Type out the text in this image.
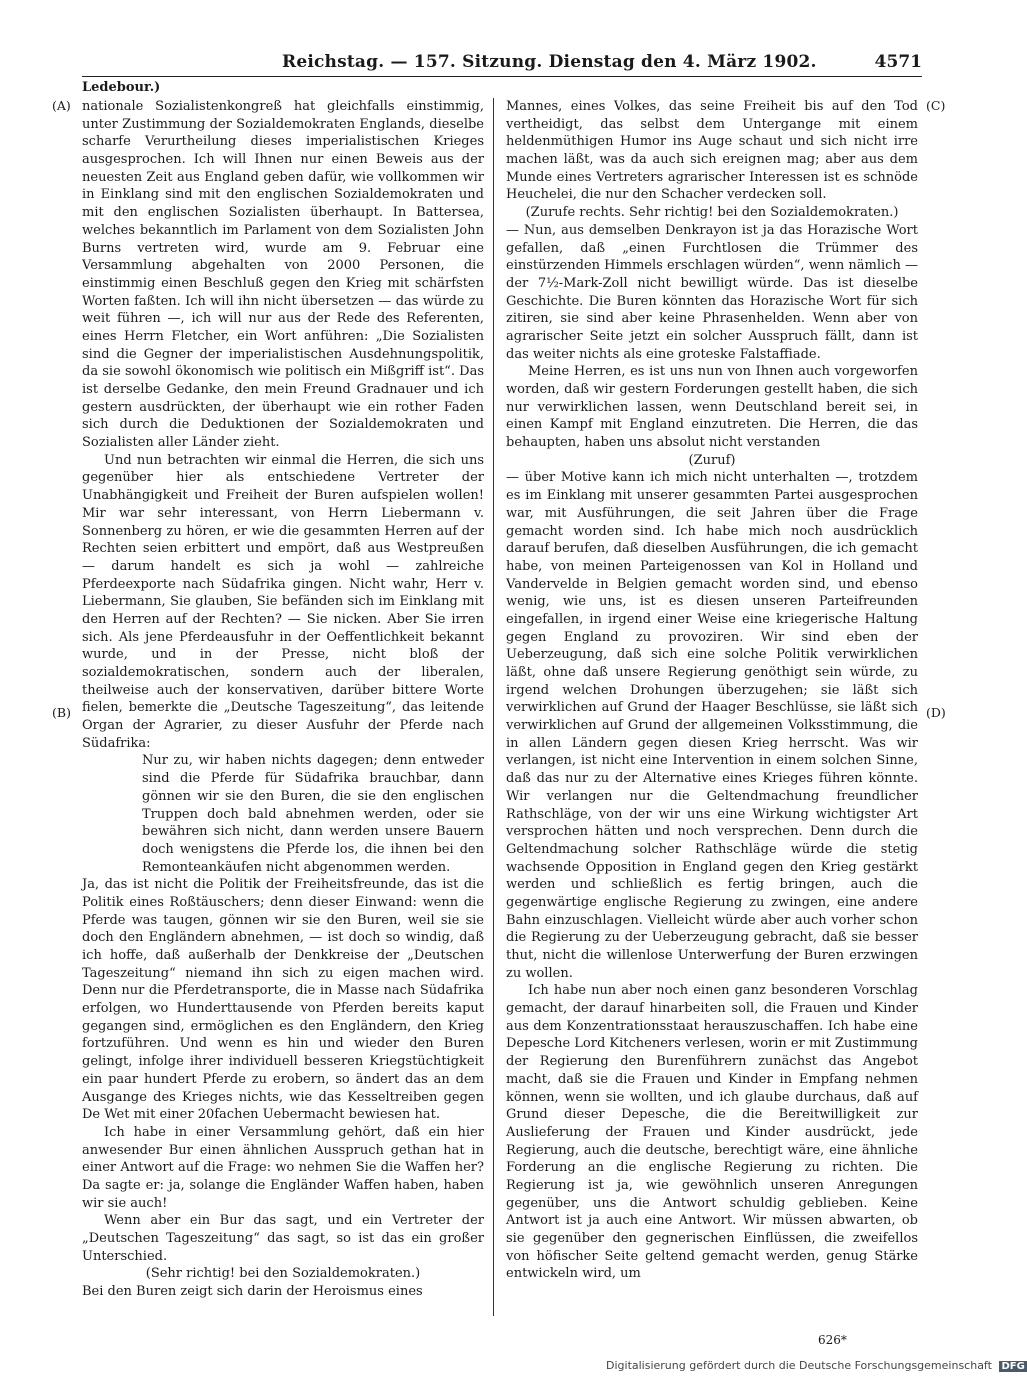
Reichstag. — 157. Sitzung. Dienstag den 4. März 1902.	4571
Ledebour.)
(A)
(B)
(C)
(D)

nationale Sozialistenkongreß hat gleichfalls einstimmig, unter Zustimmung der Sozialdemokraten Englands, dieselbe scharfe Verurtheilung dieses imperialistischen Krieges ausgesprochen. Ich will Ihnen nur einen Beweis aus der neuesten Zeit aus England geben dafür, wie vollkommen wir in Einklang sind mit den englischen Sozialdemokraten und mit den englischen Sozialisten überhaupt. In Battersea, welches bekanntlich im Parlament von dem Sozialisten John Burns vertreten wird, wurde am 9. Februar eine Versammlung abgehalten von 2000 Personen, die einstimmig einen Beschluß gegen den Krieg mit schärfsten Worten faßten. Ich will ihn nicht übersetzen — das würde zu weit führen —, ich will nur aus der Rede des Referenten, eines Herrn Fletcher, ein Wort anführen: „Die Sozialisten sind die Gegner der imperialistischen Ausdehnungspolitik, da sie sowohl ökonomisch wie politisch ein Mißgriff ist“. Das ist derselbe Gedanke, den mein Freund Gradnauer und ich gestern ausdrückten, der überhaupt wie ein rother Faden sich durch die Deduktionen der Sozialdemokraten und Sozialisten aller Länder zieht.

Und nun betrachten wir einmal die Herren, die sich uns gegenüber hier als entschiedene Vertreter der Unabhängigkeit und Freiheit der Buren aufspielen wollen! Mir war sehr interessant, von Herrn Liebermann v. Sonnenberg zu hören, er wie die gesammten Herren auf der Rechten seien erbittert und empört, daß aus Westpreußen — darum handelt es sich ja wohl — zahlreiche Pferdeexporte nach Südafrika gingen. Nicht wahr, Herr v. Liebermann, Sie glauben, Sie befänden sich im Einklang mit den Herren auf der Rechten? — Sie nicken. Aber Sie irren sich. Als jene Pferdeausfuhr in der Oeffentlichkeit bekannt wurde, und in der Presse, nicht bloß der sozialdemokratischen, sondern auch der liberalen, theilweise auch der konservativen, darüber bittere Worte fielen, bemerkte die „Deutsche Tageszeitung“, das leitende Organ der Agrarier, zu dieser Ausfuhr der Pferde nach Südafrika:

Nur zu, wir haben nichts dagegen; denn entweder sind die Pferde für Südafrika brauchbar, dann gönnen wir sie den Buren, die sie den englischen Truppen doch bald abnehmen werden, oder sie bewähren sich nicht, dann werden unsere Bauern doch wenigstens die Pferde los, die ihnen bei den Remonteankäufen nicht abgenommen werden.

Ja, das ist nicht die Politik der Freiheitsfreunde, das ist die Politik eines Roßtäuschers; denn dieser Einwand: wenn die Pferde was taugen, gönnen wir sie den Buren, weil sie sie doch den Engländern abnehmen, — ist doch so windig, daß ich hoffe, daß außerhalb der Denkkreise der „Deutschen Tageszeitung“ niemand ihn sich zu eigen machen wird. Denn nur die Pferdetransporte, die in Masse nach Südafrika erfolgen, wo Hunderttausende von Pferden bereits kaput gegangen sind, ermöglichen es den Engländern, den Krieg fortzuführen. Und wenn es hin und wieder den Buren gelingt, infolge ihrer individuell besseren Kriegstüchtigkeit ein paar hundert Pferde zu erobern, so ändert das an dem Ausgange des Krieges nichts, wie das Kesseltreiben gegen De Wet mit einer 20fachen Uebermacht bewiesen hat.

Ich habe in einer Versammlung gehört, daß ein hier anwesender Bur einen ähnlichen Ausspruch gethan hat in einer Antwort auf die Frage: wo nehmen Sie die Waffen her? Da sagte er: ja, solange die Engländer Waffen haben, haben wir sie auch!

Wenn aber ein Bur das sagt, und ein Vertreter der „Deutschen Tageszeitung“ das sagt, so ist das ein großer Unterschied.

(Sehr richtig! bei den Sozialdemokraten.)

Bei den Buren zeigt sich darin der Heroismus eines

Mannes, eines Volkes, das seine Freiheit bis auf den Tod vertheidigt, das selbst dem Untergange mit einem heldenmüthigen Humor ins Auge schaut und sich nicht irre machen läßt, was da auch sich ereignen mag; aber aus dem Munde eines Vertreters agrarischer Interessen ist es schnöde Heuchelei, die nur den Schacher verdecken soll.

(Zurufe rechts. Sehr richtig! bei den Sozialdemokraten.)

— Nun, aus demselben Denkrayon ist ja das Horazische Wort gefallen, daß „einen Furchtlosen die Trümmer des einstürzenden Himmels erschlagen würden“, wenn nämlich — der 7½-Mark-Zoll nicht bewilligt würde. Das ist dieselbe Geschichte. Die Buren könnten das Horazische Wort für sich zitiren, sie sind aber keine Phrasenhelden. Wenn aber von agrarischer Seite jetzt ein solcher Ausspruch fällt, dann ist das weiter nichts als eine groteske Falstaffiade.

Meine Herren, es ist uns nun von Ihnen auch vorgeworfen worden, daß wir gestern Forderungen gestellt haben, die sich nur verwirklichen lassen, wenn Deutschland bereit sei, in einen Kampf mit England einzutreten. Die Herren, die das behaupten, haben uns absolut nicht verstanden

(Zuruf)

— über Motive kann ich mich nicht unterhalten —, trotzdem es im Einklang mit unserer gesammten Partei ausgesprochen war, mit Ausführungen, die seit Jahren über die Frage gemacht worden sind. Ich habe mich noch ausdrücklich darauf berufen, daß dieselben Ausführungen, die ich gemacht habe, von meinen Parteigenossen van Kol in Holland und Vandervelde in Belgien gemacht worden sind, und ebenso wenig, wie uns, ist es diesen unseren Parteifreunden eingefallen, in irgend einer Weise eine kriegerische Haltung gegen England zu provoziren. Wir sind eben der Ueberzeugung, daß sich eine solche Politik verwirklichen läßt, ohne daß unsere Regierung genöthigt sein würde, zu irgend welchen Drohungen überzugehen; sie läßt sich verwirklichen auf Grund der Haager Beschlüsse, sie läßt sich verwirklichen auf Grund der allgemeinen Volksstimmung, die in allen Ländern gegen diesen Krieg herrscht. Was wir verlangen, ist nicht eine Intervention in einem solchen Sinne, daß das nur zu der Alternative eines Krieges führen könnte. Wir verlangen nur die Geltendmachung freundlicher Rathschläge, von der wir uns eine Wirkung wichtigster Art versprochen hätten und noch versprechen. Denn durch die Geltendmachung solcher Rathschläge würde die stetig wachsende Opposition in England gegen den Krieg gestärkt werden und schließlich es fertig bringen, auch die gegenwärtige englische Regierung zu zwingen, eine andere Bahn einzuschlagen. Vielleicht würde aber auch vorher schon die Regierung zu der Ueberzeugung gebracht, daß sie besser thut, nicht die willenlose Unterwerfung der Buren erzwingen zu wollen.

Ich habe nun aber noch einen ganz besonderen Vorschlag gemacht, der darauf hinarbeiten soll, die Frauen und Kinder aus dem Konzentrationsstaat herauszuschaffen. Ich habe eine Depesche Lord Kitcheners verlesen, worin er mit Zustimmung der Regierung den Burenführern zunächst das Angebot macht, daß sie die Frauen und Kinder in Empfang nehmen können, wenn sie wollten, und ich glaube durchaus, daß auf Grund dieser Depesche, die die Bereitwilligkeit zur Auslieferung der Frauen und Kinder ausdrückt, jede Regierung, auch die deutsche, berechtigt wäre, eine ähnliche Forderung an die englische Regierung zu richten. Die Regierung ist ja, wie gewöhnlich unseren Anregungen gegenüber, uns die Antwort schuldig geblieben. Keine Antwort ist ja auch eine Antwort. Wir müssen abwarten, ob sie gegenüber den gegnerischen Einflüssen, die zweifellos von höfischer Seite geltend gemacht werden, genug Stärke entwickeln wird, um

626*
Digitalisierung gefördert durch die Deutsche Forschungsgemeinschaft DFG
